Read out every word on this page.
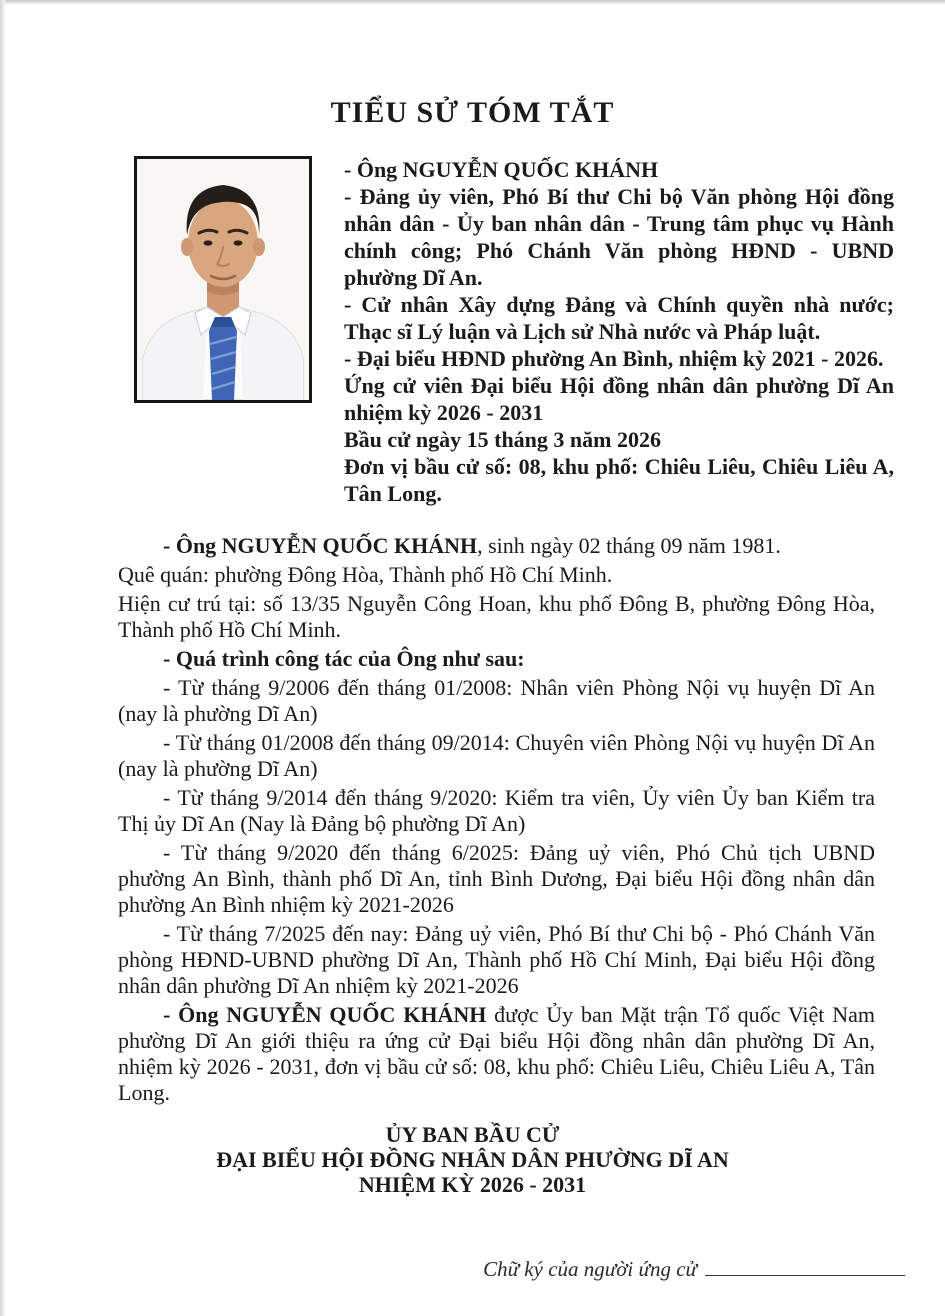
TIỂU SỬ TÓM TẮT

- Ông NGUYỄN QUỐC KHÁNH

- Đảng ủy viên, Phó Bí thư Chi bộ Văn phòng Hội đồng nhân dân - Ủy ban nhân dân - Trung tâm phục vụ Hành chính công; Phó Chánh Văn phòng HĐND - UBND phường Dĩ An.

- Cử nhân Xây dựng Đảng và Chính quyền nhà nước; Thạc sĩ Lý luận và Lịch sử Nhà nước và Pháp luật.

- Đại biểu HĐND phường An Bình, nhiệm kỳ 2021 - 2026.

Ứng cử viên Đại biểu Hội đồng nhân dân phường Dĩ An nhiệm kỳ 2026 - 2031

Bầu cử ngày 15 tháng 3 năm 2026

Đơn vị bầu cử số: 08, khu phố: Chiêu Liêu, Chiêu Liêu A, Tân Long.

- Ông NGUYỄN QUỐC KHÁNH, sinh ngày 02 tháng 09 năm 1981.

Quê quán: phường Đông Hòa, Thành phố Hồ Chí Minh.

Hiện cư trú tại: số 13/35 Nguyễn Công Hoan, khu phố Đông B, phường Đông Hòa, Thành phố Hồ Chí Minh.

- Quá trình công tác của Ông như sau:

- Từ tháng 9/2006 đến tháng 01/2008: Nhân viên Phòng Nội vụ huyện Dĩ An (nay là phường Dĩ An)

- Từ tháng 01/2008 đến tháng 09/2014: Chuyên viên Phòng Nội vụ huyện Dĩ An (nay là phường Dĩ An)

- Từ tháng 9/2014 đến tháng 9/2020: Kiểm tra viên, Ủy viên Ủy ban Kiểm tra Thị ủy Dĩ An (Nay là Đảng bộ phường Dĩ An)

- Từ tháng 9/2020 đến tháng 6/2025: Đảng uỷ viên, Phó Chủ tịch UBND phường An Bình, thành phố Dĩ An, tỉnh Bình Dương, Đại biểu Hội đồng nhân dân phường An Bình nhiệm kỳ 2021-2026

- Từ tháng 7/2025 đến nay: Đảng uỷ viên, Phó Bí thư Chi bộ - Phó Chánh Văn phòng HĐND-UBND phường Dĩ An, Thành phố Hồ Chí Minh, Đại biểu Hội đồng nhân dân phường Dĩ An nhiệm kỳ 2021-2026

- Ông NGUYỄN QUỐC KHÁNH được Ủy ban Mặt trận Tổ quốc Việt Nam phường Dĩ An giới thiệu ra ứng cử Đại biểu Hội đồng nhân dân phường Dĩ An, nhiệm kỳ 2026 - 2031, đơn vị bầu cử số: 08, khu phố: Chiêu Liêu, Chiêu Liêu A, Tân Long.

ỦY BAN BẦU CỬ

ĐẠI BIỂU HỘI ĐỒNG NHÂN DÂN PHƯỜNG DĨ AN

NHIỆM KỲ 2026 - 2031

Chữ ký của người ứng cử
